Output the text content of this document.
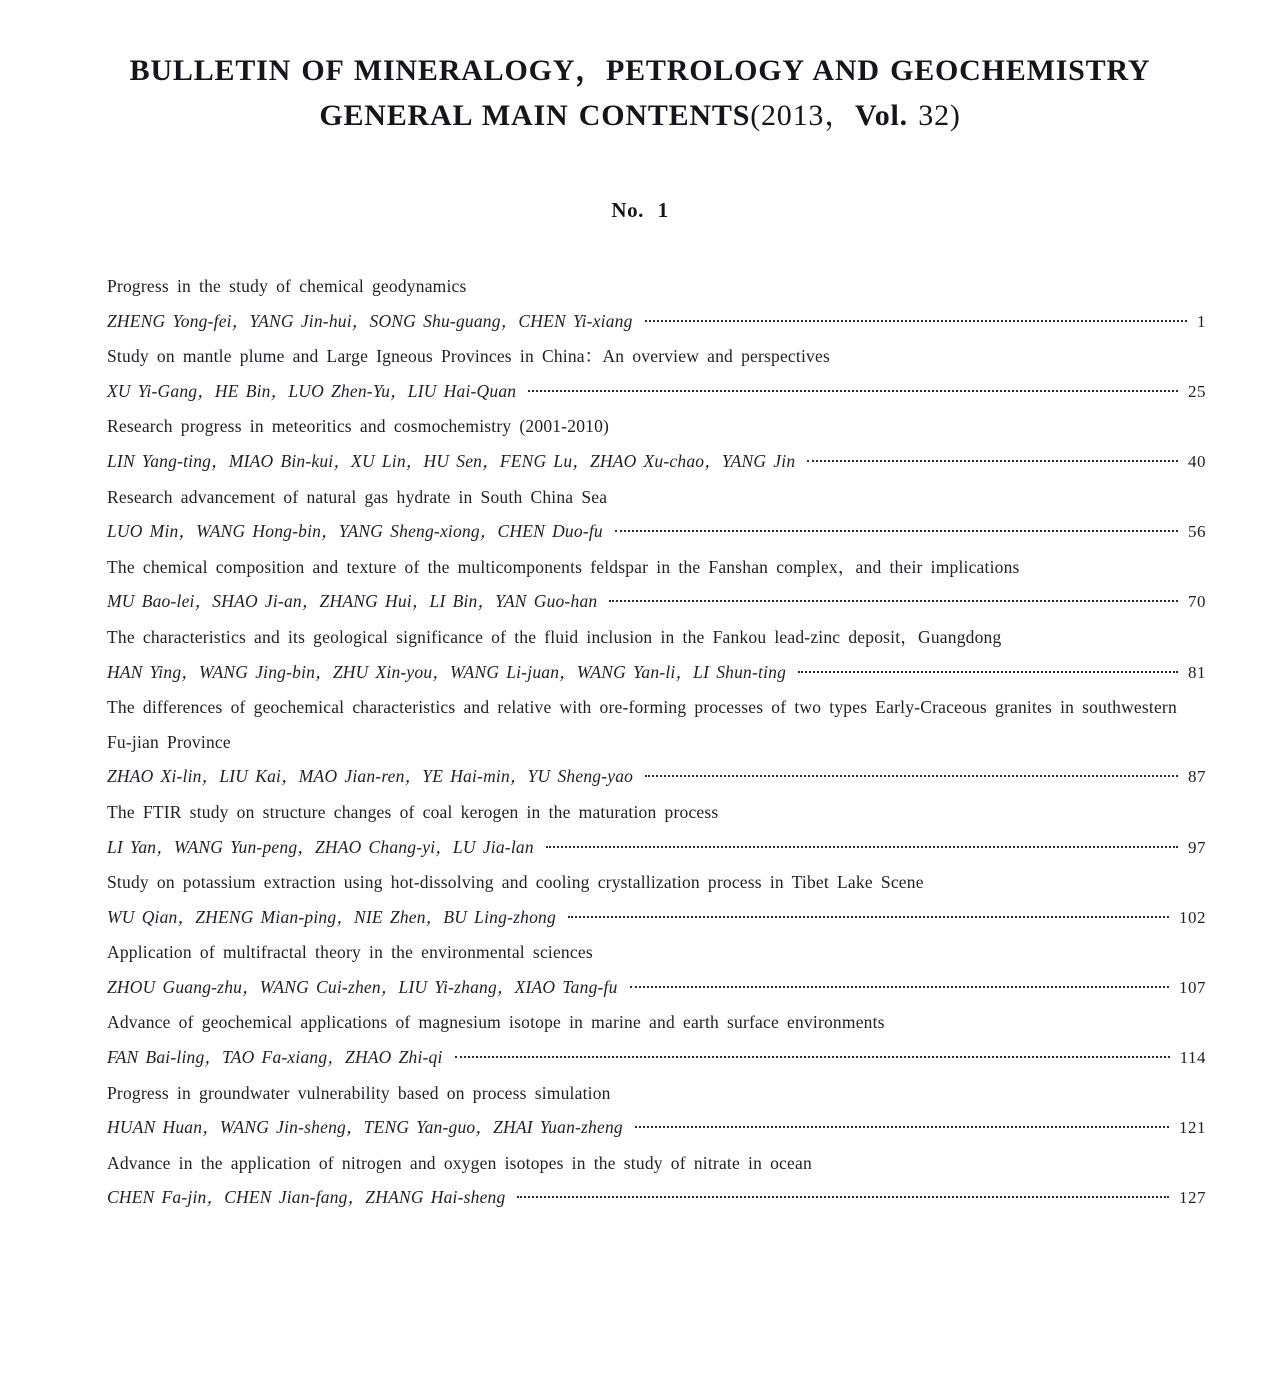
BULLETIN OF MINERALOGY，PETROLOGY AND GEOCHEMISTRY
GENERAL MAIN CONTENTS(2013，Vol. 32)
No. 1
Progress in the study of chemical geodynamics
ZHENG Yong-fei，YANG Jin-hui，SONG Shu-guang，CHEN Yi-xiang	1
Study on mantle plume and Large Igneous Provinces in China：An overview and perspectives
XU Yi-Gang，HE Bin，LUO Zhen-Yu，LIU Hai-Quan	25
Research progress in meteoritics and cosmochemistry (2001-2010)
LIN Yang-ting，MIAO Bin-kui，XU Lin，HU Sen，FENG Lu，ZHAO Xu-chao，YANG Jin	40
Research advancement of natural gas hydrate in South China Sea
LUO Min，WANG Hong-bin，YANG Sheng-xiong，CHEN Duo-fu	56
The chemical composition and texture of the multicomponents feldspar in the Fanshan complex，and their implications
MU Bao-lei，SHAO Ji-an，ZHANG Hui，LI Bin，YAN Guo-han	70
The characteristics and its geological significance of the fluid inclusion in the Fankou lead-zinc deposit，Guangdong
HAN Ying，WANG Jing-bin，ZHU Xin-you，WANG Li-juan，WANG Yan-li，LI Shun-ting	81
The differences of geochemical characteristics and relative with ore-forming processes of two types Early-Craceous granites in southwestern Fu-jian Province
ZHAO Xi-lin，LIU Kai，MAO Jian-ren，YE Hai-min，YU Sheng-yao	87
The FTIR study on structure changes of coal kerogen in the maturation process
LI Yan，WANG Yun-peng，ZHAO Chang-yi，LU Jia-lan	97
Study on potassium extraction using hot-dissolving and cooling crystallization process in Tibet Lake Scene
WU Qian，ZHENG Mian-ping，NIE Zhen，BU Ling-zhong	102
Application of multifractal theory in the environmental sciences
ZHOU Guang-zhu，WANG Cui-zhen，LIU Yi-zhang，XIAO Tang-fu	107
Advance of geochemical applications of magnesium isotope in marine and earth surface environments
FAN Bai-ling，TAO Fa-xiang，ZHAO Zhi-qi	114
Progress in groundwater vulnerability based on process simulation
HUAN Huan，WANG Jin-sheng，TENG Yan-guo，ZHAI Yuan-zheng	121
Advance in the application of nitrogen and oxygen isotopes in the study of nitrate in ocean
CHEN Fa-jin，CHEN Jian-fang，ZHANG Hai-sheng	127
